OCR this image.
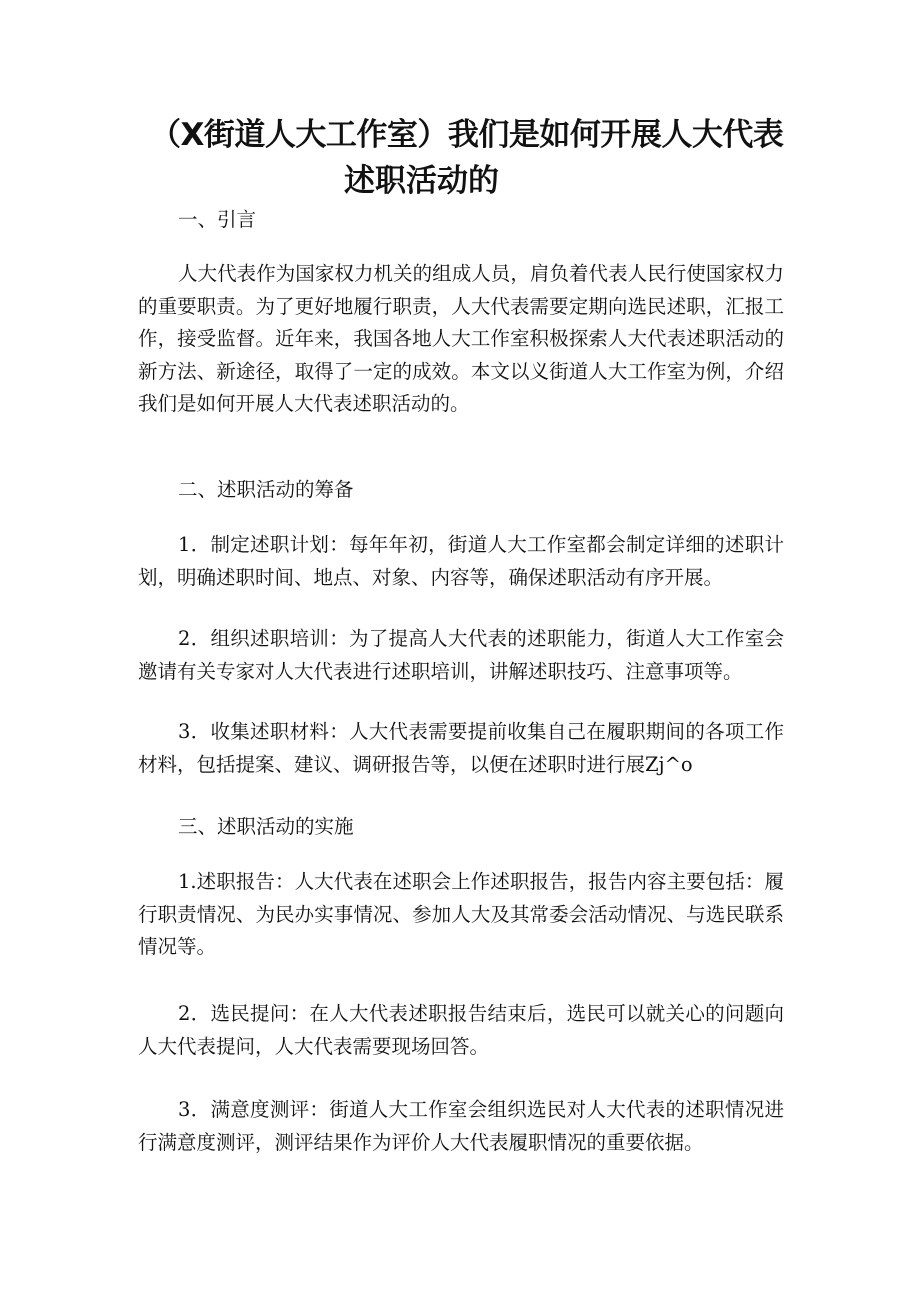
（X街道人大工作室）我们是如何开展人大代表
述职活动的
一、引言

人大代表作为国家权力机关的组成人员，肩负着代表人民行使国家权力的重要职责。为了更好地履行职责，人大代表需要定期向选民述职，汇报工作，接受监督。近年来，我国各地人大工作室积极探索人大代表述职活动的新方法、新途径，取得了一定的成效。本文以义街道人大工作室为例，介绍我们是如何开展人大代表述职活动的。

二、述职活动的筹备

1．制定述职计划：每年年初，街道人大工作室都会制定详细的述职计划，明确述职时间、地点、对象、内容等，确保述职活动有序开展。

2．组织述职培训：为了提高人大代表的述职能力，街道人大工作室会邀请有关专家对人大代表进行述职培训，讲解述职技巧、注意事项等。

3．收集述职材料：人大代表需要提前收集自己在履职期间的各项工作材料，包括提案、建议、调研报告等，以便在述职时进行展Zj^o

三、述职活动的实施

1.述职报告：人大代表在述职会上作述职报告，报告内容主要包括：履行职责情况、为民办实事情况、参加人大及其常委会活动情况、与选民联系情况等。

2．选民提问：在人大代表述职报告结束后，选民可以就关心的问题向人大代表提问，人大代表需要现场回答。

3．满意度测评：街道人大工作室会组织选民对人大代表的述职情况进行满意度测评，测评结果作为评价人大代表履职情况的重要依据。
